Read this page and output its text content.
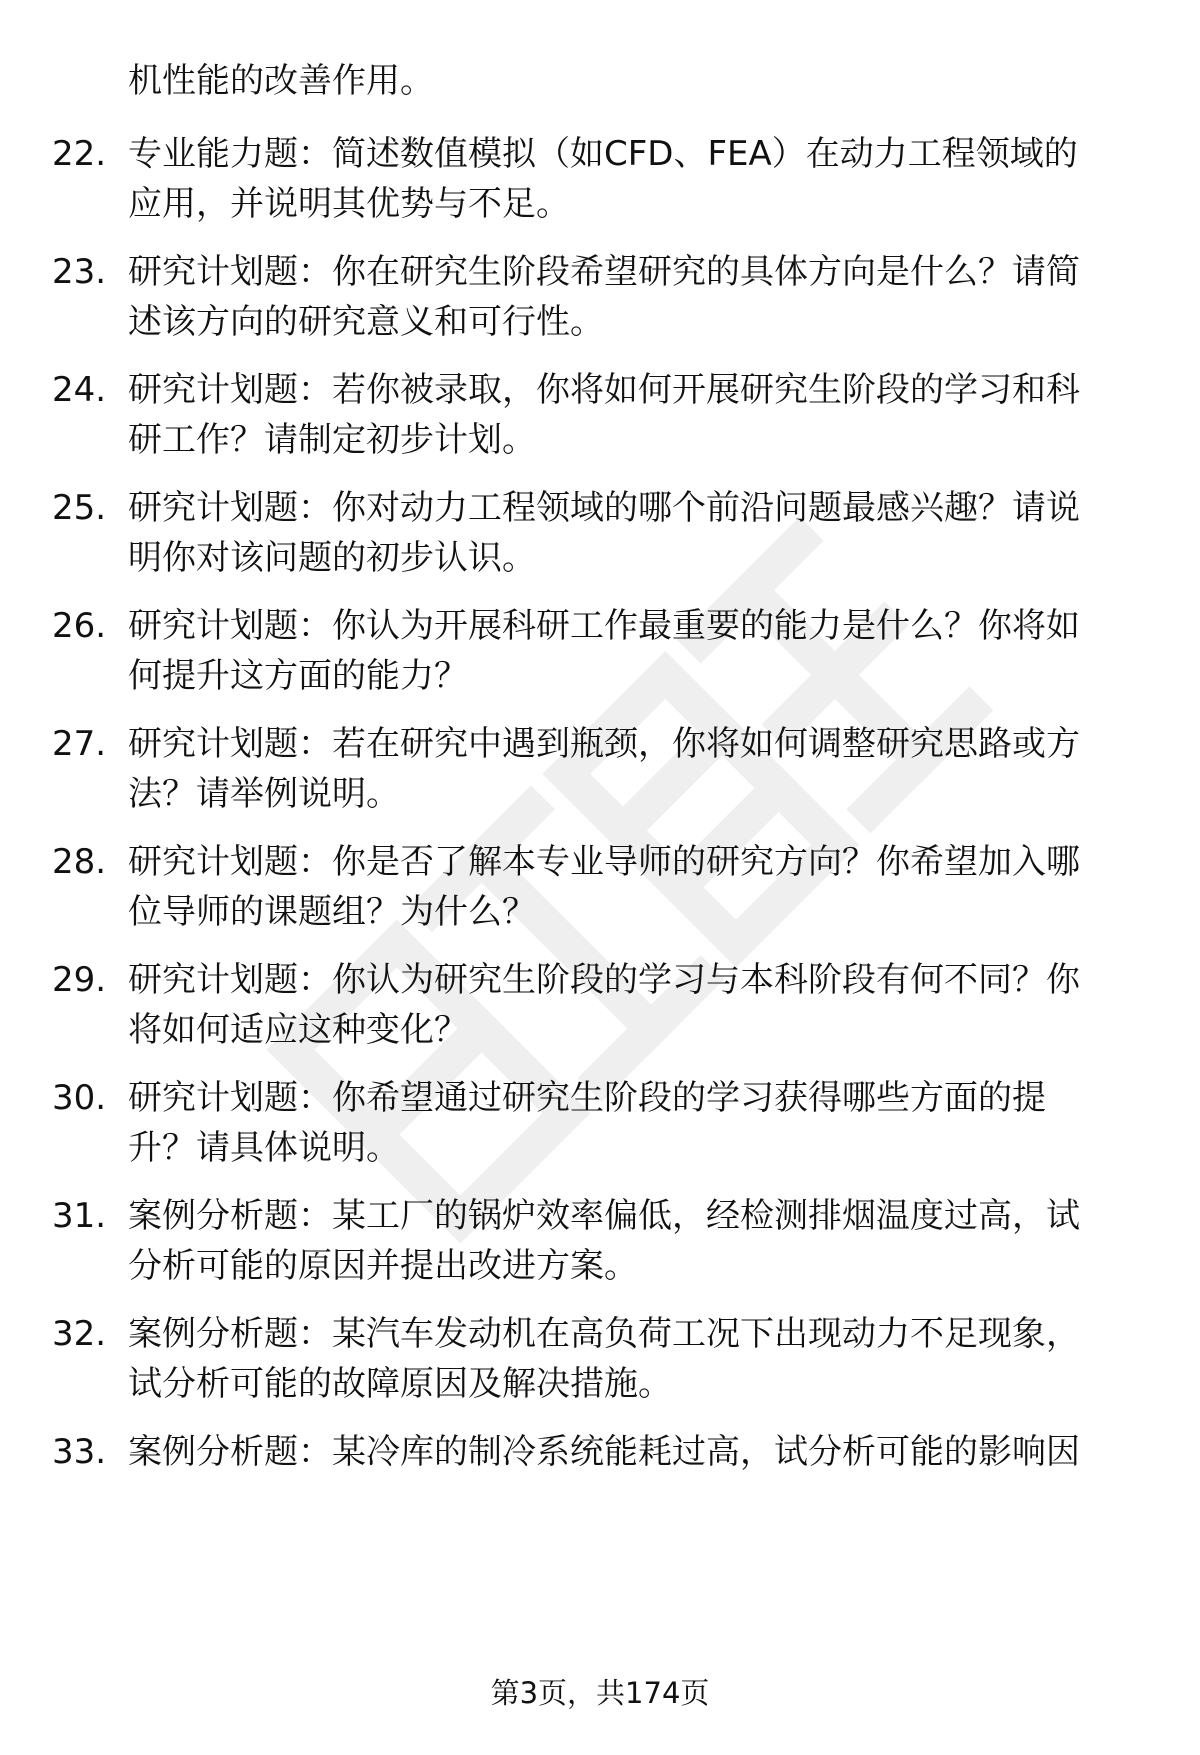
机性能的改善作用。
22. 专业能力题：简述数值模拟（如CFD、FEA）在动力工程领域的
应用，并说明其优势与不足。
23. 研究计划题：你在研究生阶段希望研究的具体方向是什么？请简
述该方向的研究意义和可行性。
24. 研究计划题：若你被录取，你将如何开展研究生阶段的学习和科
研工作？请制定初步计划。
25. 研究计划题：你对动力工程领域的哪个前沿问题最感兴趣？请说
明你对该问题的初步认识。
26. 研究计划题：你认为开展科研工作最重要的能力是什么？你将如
何提升这方面的能力？
27. 研究计划题：若在研究中遇到瓶颈，你将如何调整研究思路或方
法？请举例说明。
28. 研究计划题：你是否了解本专业导师的研究方向？你希望加入哪
位导师的课题组？为什么？
29. 研究计划题：你认为研究生阶段的学习与本科阶段有何不同？你
将如何适应这种变化？
30. 研究计划题：你希望通过研究生阶段的学习获得哪些方面的提
升？请具体说明。
31. 案例分析题：某工厂的锅炉效率偏低，经检测排烟温度过高，试
分析可能的原因并提出改进方案。
32. 案例分析题：某汽车发动机在高负荷工况下出现动力不足现象，
试分析可能的故障原因及解决措施。
33. 案例分析题：某冷库的制冷系统能耗过高，试分析可能的影响因
第3页，共174页
